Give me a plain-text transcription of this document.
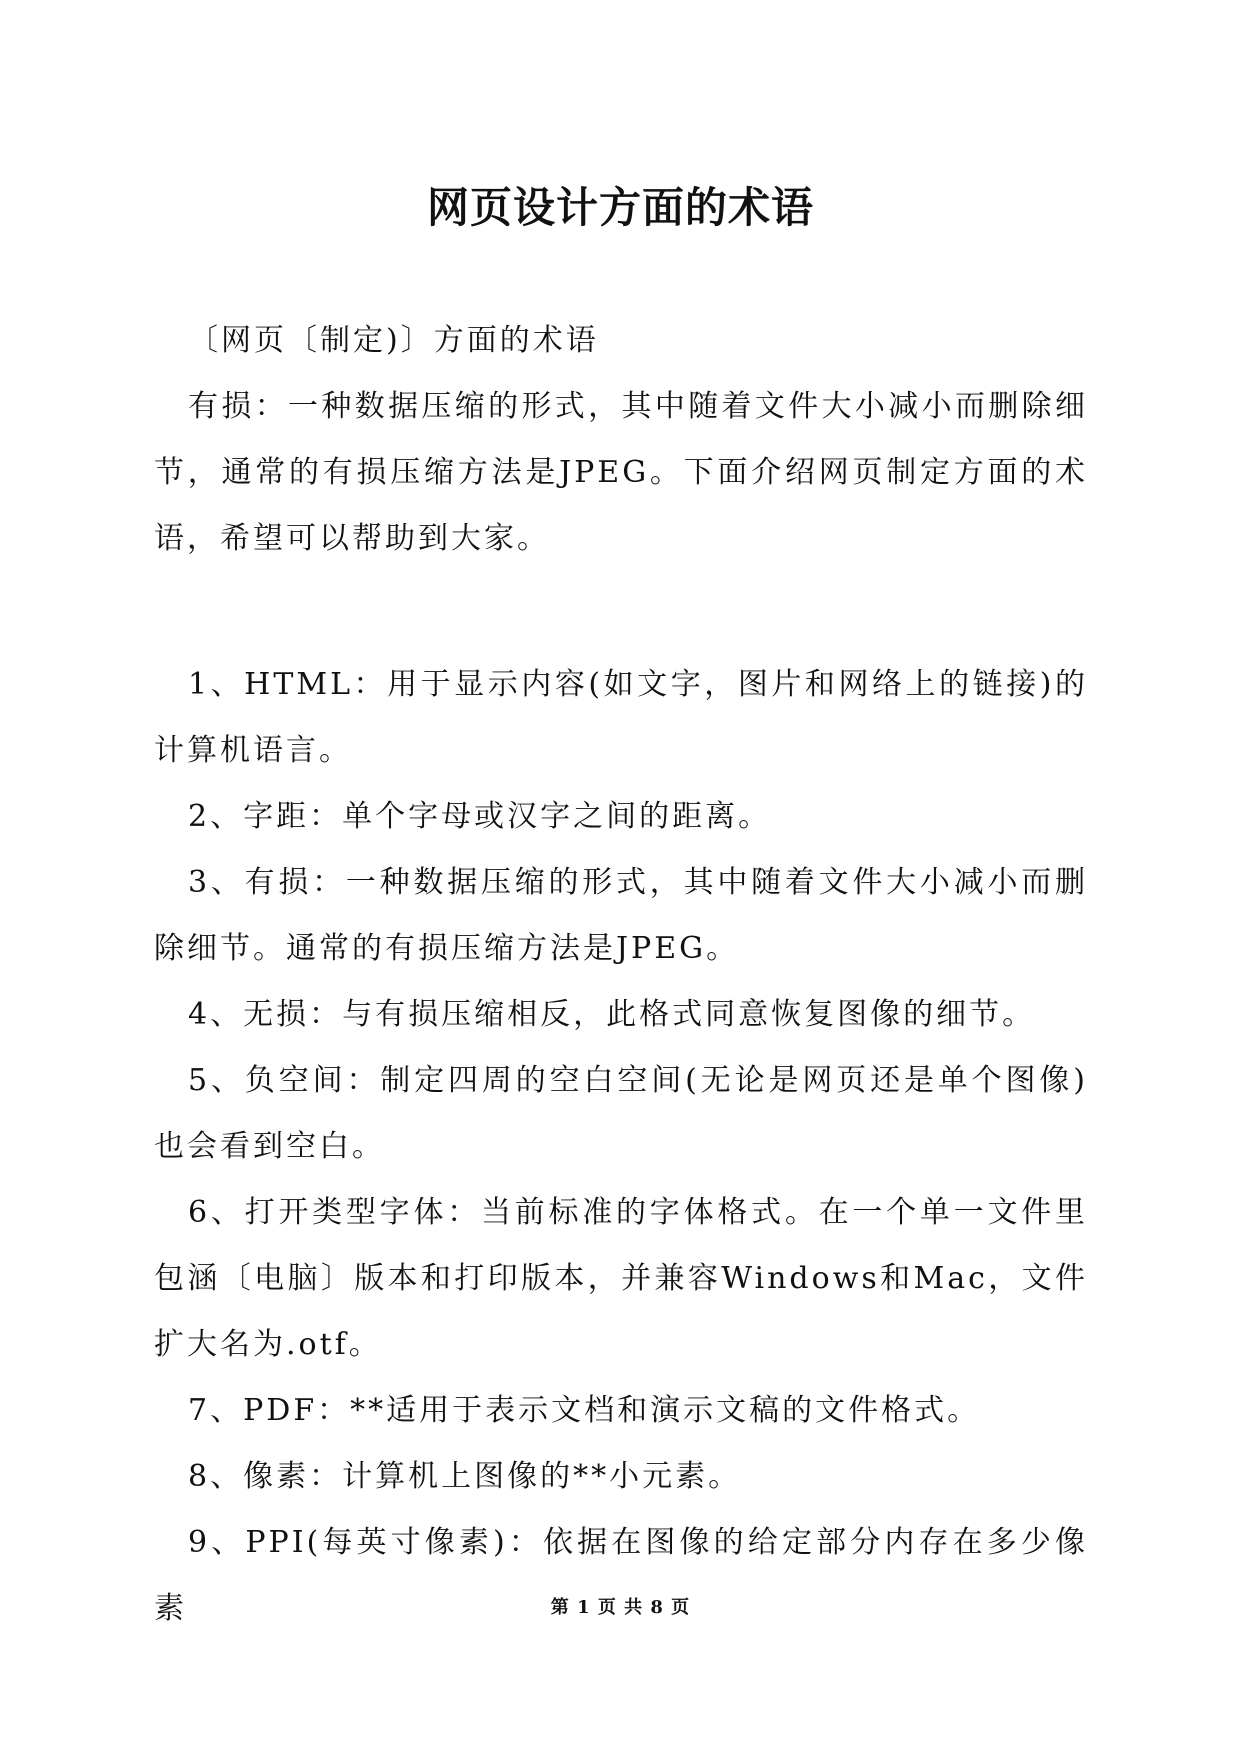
网页设计方面的术语

〔网页〔制定)〕方面的术语

有损：一种数据压缩的形式，其中随着文件大小减小而删除细节，通常的有损压缩方法是JPEG。下面介绍网页制定方面的术语，希望可以帮助到大家。

1、HTML：用于显示内容(如文字，图片和网络上的链接)的计算机语言。

2、字距：单个字母或汉字之间的距离。

3、有损：一种数据压缩的形式，其中随着文件大小减小而删除细节。通常的有损压缩方法是JPEG。

4、无损：与有损压缩相反，此格式同意恢复图像的细节。

5、负空间：制定四周的空白空间(无论是网页还是单个图像)也会看到空白。

6、打开类型字体：当前标准的字体格式。在一个单一文件里包涵〔电脑〕版本和打印版本，并兼容Windows和Mac，文件扩大名为.otf。

7、PDF：**适用于表示文档和演示文稿的文件格式。

8、像素：计算机上图像的**小元素。

9、PPI(每英寸像素)：依据在图像的给定部分内存在多少像素	第 1 页 共 8 页
